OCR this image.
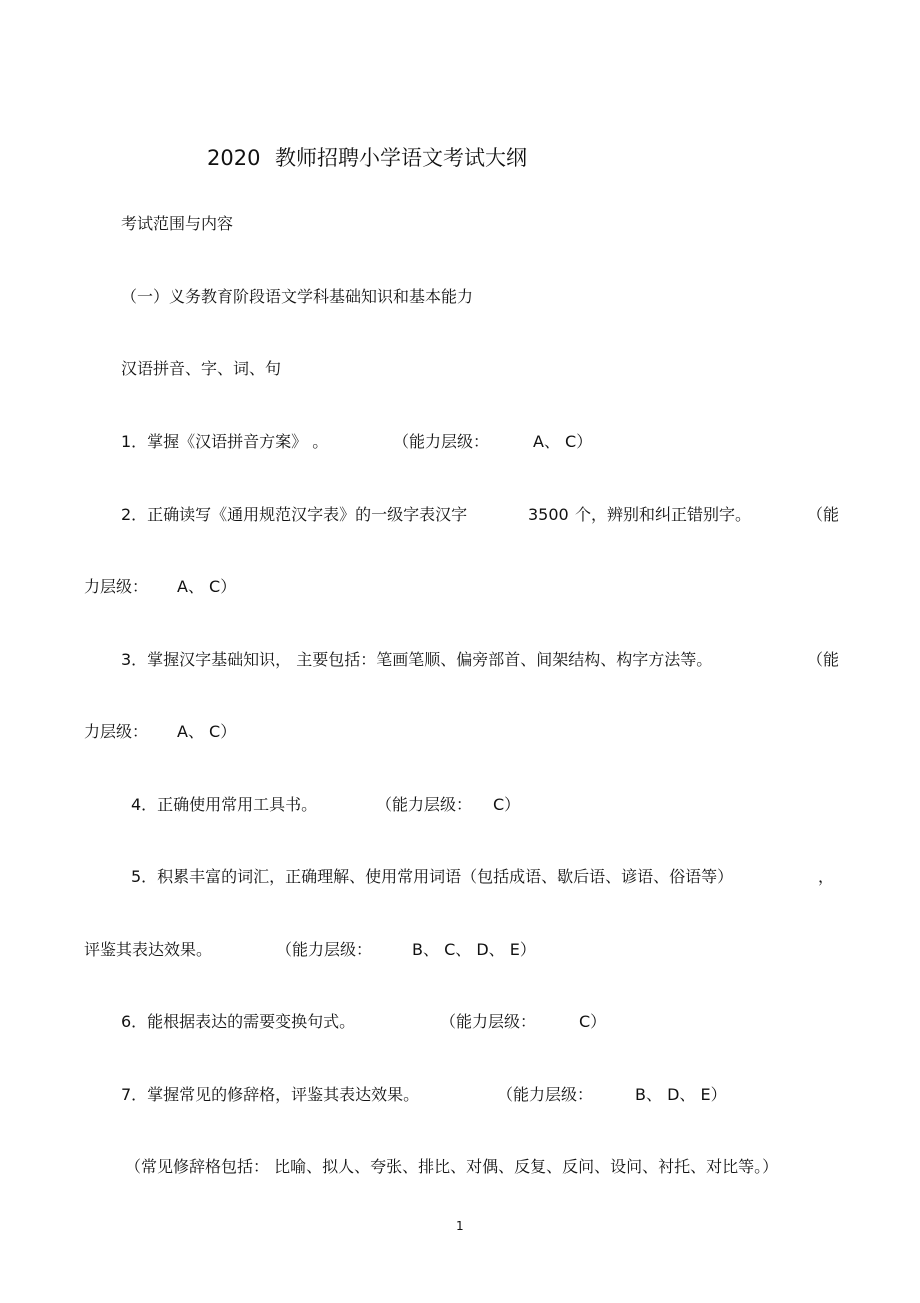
2020 教师招聘小学语文考试大纲
考试范围与内容
（一）义务教育阶段语文学科基础知识和基本能力
汉语拼音、字、词、句
1．掌握《汉语拼音方案》 。	（能力层级：	A、 C）
2．正确读写《通用规范汉字表》的一级字表汉字	3500 个，辨别和纠正错别字。	（能
力层级： A、 C）
3．掌握汉字基础知识， 主要包括：笔画笔顺、偏旁部首、间架结构、构字方法等。	（能
力层级： A、 C）
4．正确使用常用工具书。	（能力层级： C）
5．积累丰富的词汇，正确理解、使用常用词语（包括成语、歇后语、谚语、俗语等）	，
评鉴其表达效果。	（能力层级： B、 C、 D、 E）
6．能根据表达的需要变换句式。	（能力层级：	C）
7．掌握常见的修辞格，评鉴其表达效果。	（能力层级：	B、 D、 E）
（常见修辞格包括： 比喻、拟人、夸张、排比、对偶、反复、反问、设问、衬托、对比等。）
1
